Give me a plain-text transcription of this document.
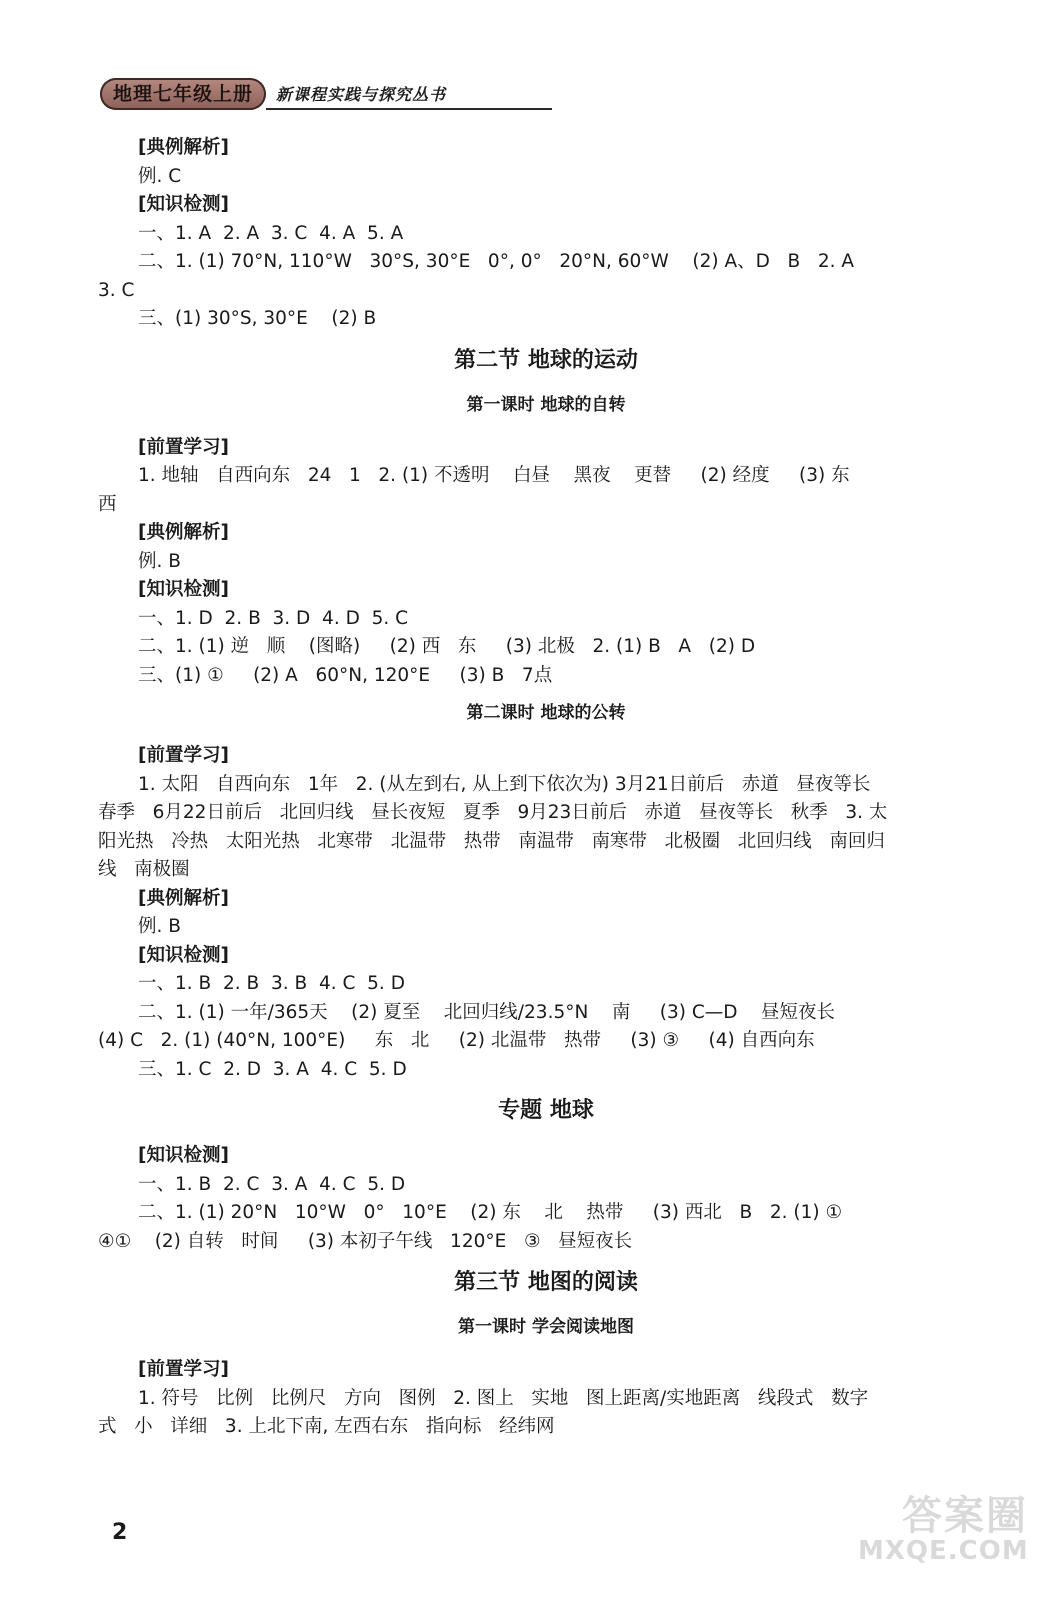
地理七年级上册	新课程实践与探究丛书

[典例解析]

例. C

[知识检测]

一、1. A  2. A  3. C  4. A  5. A

二、1. (1) 70°N, 110°W   30°S, 30°E   0°, 0°   20°N, 60°W    (2) A、D   B   2. A

3. C

三、(1) 30°S, 30°E    (2) B

第二节 地球的运动
第一课时 地球的自转

[前置学习]

1. 地轴   自西向东   24   1   2. (1) 不透明    白昼    黑夜    更替     (2) 经度     (3) 东

西

[典例解析]

例. B

[知识检测]

一、1. D  2. B  3. D  4. D  5. C

二、1. (1) 逆   顺    (图略)     (2) 西   东     (3) 北极   2. (1) B   A   (2) D

三、(1) ①     (2) A   60°N, 120°E     (3) B   7点

第二课时 地球的公转

[前置学习]

1. 太阳   自西向东   1年   2. (从左到右, 从上到下依次为) 3月21日前后   赤道   昼夜等长

春季   6月22日前后   北回归线   昼长夜短   夏季   9月23日前后   赤道   昼夜等长   秋季   3. 太

阳光热   冷热   太阳光热   北寒带   北温带   热带   南温带   南寒带   北极圈   北回归线   南回归

线   南极圈

[典例解析]

例. B

[知识检测]

一、1. B  2. B  3. B  4. C  5. D

二、1. (1) 一年/365天    (2) 夏至    北回归线/23.5°N    南     (3) C—D    昼短夜长

(4) C   2. (1) (40°N, 100°E)     东   北     (2) 北温带   热带     (3) ③     (4) 自西向东

三、1. C  2. D  3. A  4. C  5. D

专题 地球

[知识检测]

一、1. B  2. C  3. A  4. C  5. D

二、1. (1) 20°N   10°W   0°   10°E    (2) 东    北    热带     (3) 西北   B   2. (1) ①

④①    (2) 自转   时间     (3) 本初子午线   120°E   ③   昼短夜长

第三节 地图的阅读
第一课时 学会阅读地图

[前置学习]

1. 符号   比例   比例尺   方向   图例   2. 图上   实地   图上距离/实地距离   线段式   数字

式   小   详细   3. 上北下南, 左西右东   指向标   经纬网

2	答案圈
MXQE.COM
